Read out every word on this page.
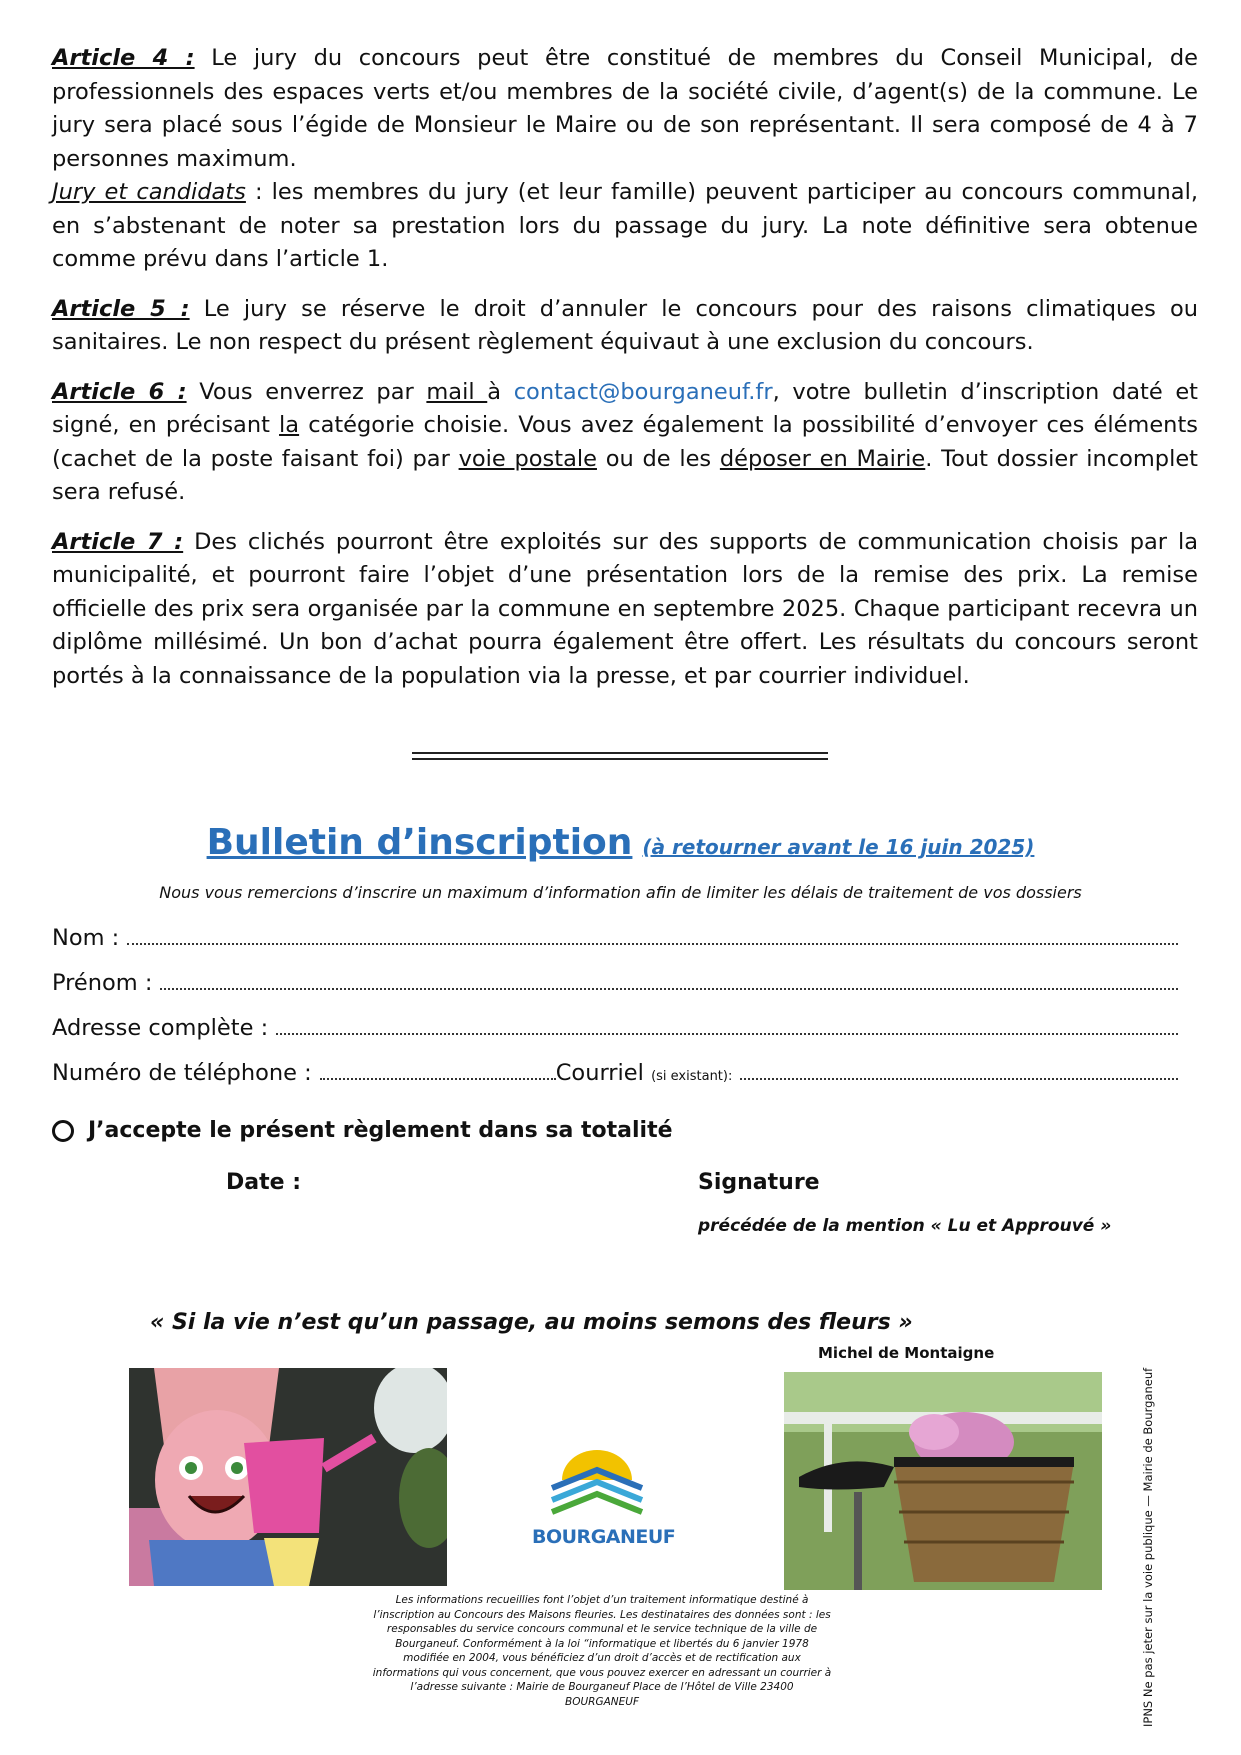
Article 4 : Le jury du concours peut être constitué de membres du Conseil Municipal, de professionnels des espaces verts et/ou membres de la société civile, d’agent(s) de la commune. Le jury sera placé sous l’égide de Monsieur le Maire ou de son représentant. Il sera composé de 4 à 7 personnes maximum.

Jury et candidats : les membres du jury (et leur famille) peuvent participer au concours communal, en s’abstenant de noter sa prestation lors du passage du jury. La note définitive sera obtenue comme prévu dans l’article 1.

Article 5 : Le jury se réserve le droit d’annuler le concours pour des raisons climatiques ou sanitaires. Le non respect du présent règlement équivaut à une exclusion du concours.

Article 6 : Vous enverrez par mail à contact@bourganeuf.fr, votre bulletin d’inscription daté et signé, en précisant la catégorie choisie. Vous avez également la possibilité d’envoyer ces éléments (cachet de la poste faisant foi) par voie postale ou de les déposer en Mairie. Tout dossier incomplet sera refusé.

Article 7 : Des clichés pourront être exploités sur des supports de communication choisis par la municipalité, et pourront faire l’objet d’une présentation lors de la remise des prix. La remise officielle des prix sera organisée par la commune en septembre 2025. Chaque participant recevra un diplôme millésimé. Un bon d’achat pourra également être offert. Les résultats du concours seront portés à la connaissance de la population via la presse, et par courrier individuel.

Bulletin d’inscription (à retourner avant le 16 juin 2025)
Nous vous remercions d’inscrire un maximum d’information afin de limiter les délais de traitement de vos dossiers
Nom :
Prénom :
Adresse complète :
Numéro de téléphone :	Courriel
(si existant):
J’accepte le présent règlement dans sa totalité
Date :	Signature
précédée de la mention « Lu et Approuvé »
« Si la vie n’est qu’un passage, au moins semons des fleurs »
Michel de Montaigne
BOURGANEUF
Les informations recueillies font l’objet d’un traitement informatique destiné à l’inscription au Concours des Maisons fleuries. Les destinataires des données sont : les responsables du service concours communal et le service technique de la ville de Bourganeuf. Conformément à la loi “informatique et libertés du 6 janvier 1978 modifiée en 2004, vous bénéficiez d’un droit d’accès et de rectification aux informations qui vous concernent, que vous pouvez exercer en adressant un courrier à l’adresse suivante : Mairie de Bourganeuf Place de l’Hôtel de Ville 23400 BOURGANEUF	IPNS Ne pas jeter sur la voie publique — Mairie de Bourganeuf
